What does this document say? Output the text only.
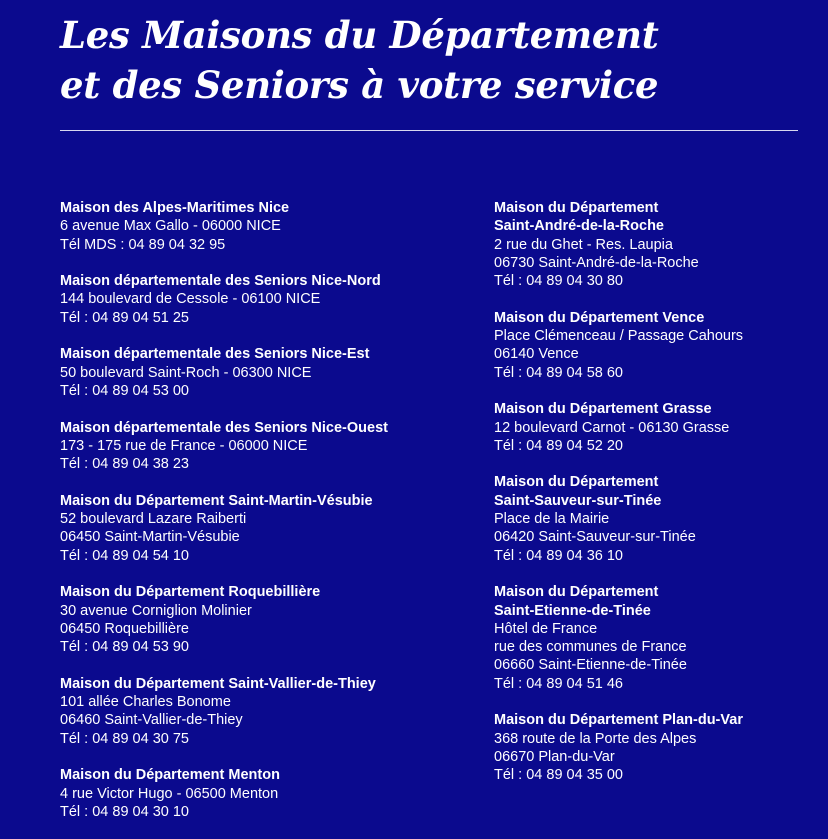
Les Maisons du Département
et des Seniors à votre service
Maison des Alpes-Maritimes Nice
6 avenue Max Gallo - 06000 NICE
Tél MDS : 04 89 04 32 95
Maison départementale des Seniors Nice-Nord
144 boulevard de Cessole - 06100 NICE
Tél : 04 89 04 51 25
Maison départementale des Seniors Nice-Est
50 boulevard Saint-Roch - 06300 NICE
Tél : 04 89 04 53 00
Maison départementale des Seniors Nice-Ouest
173 - 175 rue de France - 06000 NICE
Tél : 04 89 04 38 23
Maison du Département Saint-Martin-Vésubie
52 boulevard Lazare Raiberti
06450 Saint-Martin-Vésubie
Tél : 04 89 04 54 10
Maison du Département Roquebillière
30 avenue Corniglion Molinier
06450 Roquebillière
Tél : 04 89 04 53 90
Maison du Département Saint-Vallier-de-Thiey
101 allée Charles Bonome
06460 Saint-Vallier-de-Thiey
Tél : 04 89 04 30 75
Maison du Département Menton
4 rue Victor Hugo - 06500 Menton
Tél : 04 89 04 30 10
Maison du Département
Saint-André-de-la-Roche
2 rue du Ghet - Res. Laupia
06730 Saint-André-de-la-Roche
Tél : 04 89 04 30 80
Maison du Département Vence
Place Clémenceau / Passage Cahours
06140 Vence
Tél : 04 89 04 58 60
Maison du Département Grasse
12 boulevard Carnot - 06130 Grasse
Tél : 04 89 04 52 20
Maison du Département
Saint-Sauveur-sur-Tinée
Place de la Mairie
06420 Saint-Sauveur-sur-Tinée
Tél : 04 89 04 36 10
Maison du Département
Saint-Etienne-de-Tinée
Hôtel de France
rue des communes de France
06660 Saint-Etienne-de-Tinée
Tél : 04 89 04 51 46
Maison du Département Plan-du-Var
368 route de la Porte des Alpes
06670 Plan-du-Var
Tél : 04 89 04 35 00
